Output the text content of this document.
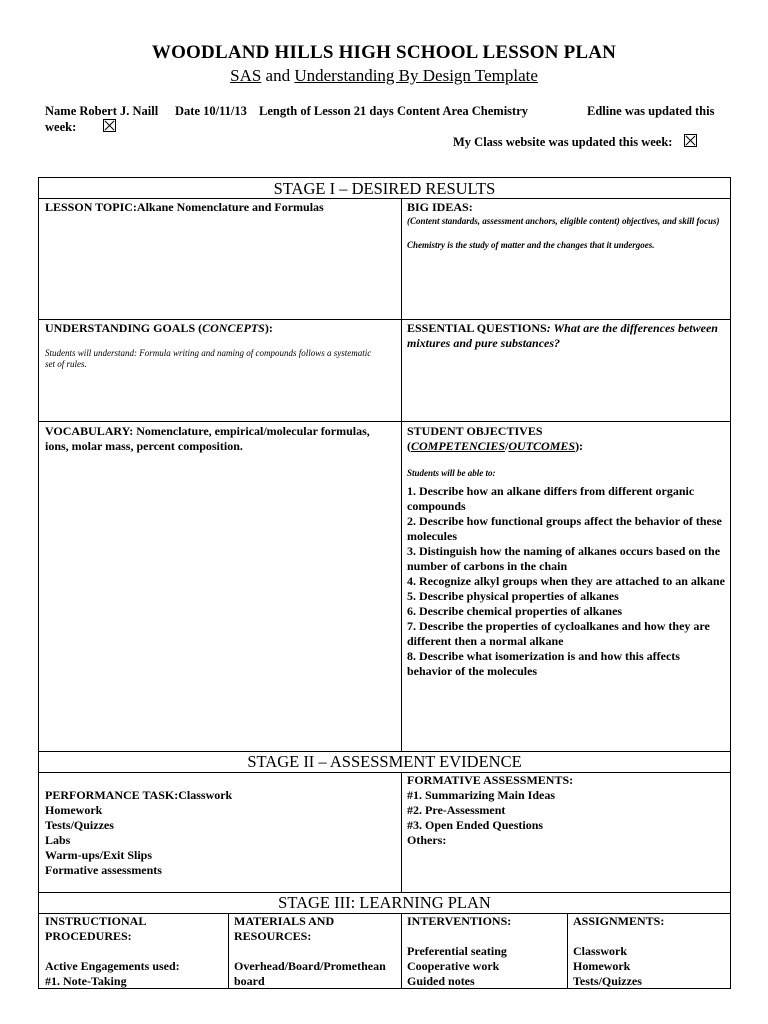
WOODLAND HILLS HIGH SCHOOL LESSON PLAN
SAS and Understanding By Design Template
Name Robert J. Naill Date 10/11/13 Length of Lesson 21 days Content Area Chemistry	Edline was updated this
week:
My Class website was updated this week:
STAGE I – DESIRED RESULTS
LESSON TOPIC:Alkane Nomenclature and Formulas	BIG IDEAS:
(Content standards, assessment anchors, eligible content) objectives, and skill focus)
Chemistry is the study of matter and the changes that it undergoes.
UNDERSTANDING GOALS (CONCEPTS):
Students will understand: Formula writing and naming of compounds follows a systematic set of rules.
ESSENTIAL QUESTIONS: What are the differences between mixtures and pure substances?
VOCABULARY: Nomenclature, empirical/molecular formulas, ions, molar mass, percent composition.
STUDENT OBJECTIVES
(COMPETENCIES/OUTCOMES):
Students will be able to:
1. Describe how an alkane differs from different organic compounds
2. Describe how functional groups affect the behavior of these molecules
3. Distinguish how the naming of alkanes occurs based on the number of carbons in the chain
4. Recognize alkyl groups when they are attached to an alkane
5. Describe physical properties of alkanes
6. Describe chemical properties of alkanes
7. Describe the properties of cycloalkanes and how they are different then a normal alkane
8. Describe what isomerization is and how this affects behavior of the molecules
STAGE II – ASSESSMENT EVIDENCE
PERFORMANCE TASK:Classwork
Homework
Tests/Quizzes
Labs
Warm-ups/Exit Slips
Formative assessments
FORMATIVE ASSESSMENTS:
#1. Summarizing Main Ideas
#2. Pre-Assessment
#3. Open Ended Questions
Others:
STAGE III: LEARNING PLAN
INSTRUCTIONAL
PROCEDURES:
Active Engagements used:
#1. Note-Taking
MATERIALS AND
RESOURCES:
Overhead/Board/Promethean
board
INTERVENTIONS:
Preferential seating
Cooperative work
Guided notes
ASSIGNMENTS:
Classwork
Homework
Tests/Quizzes
